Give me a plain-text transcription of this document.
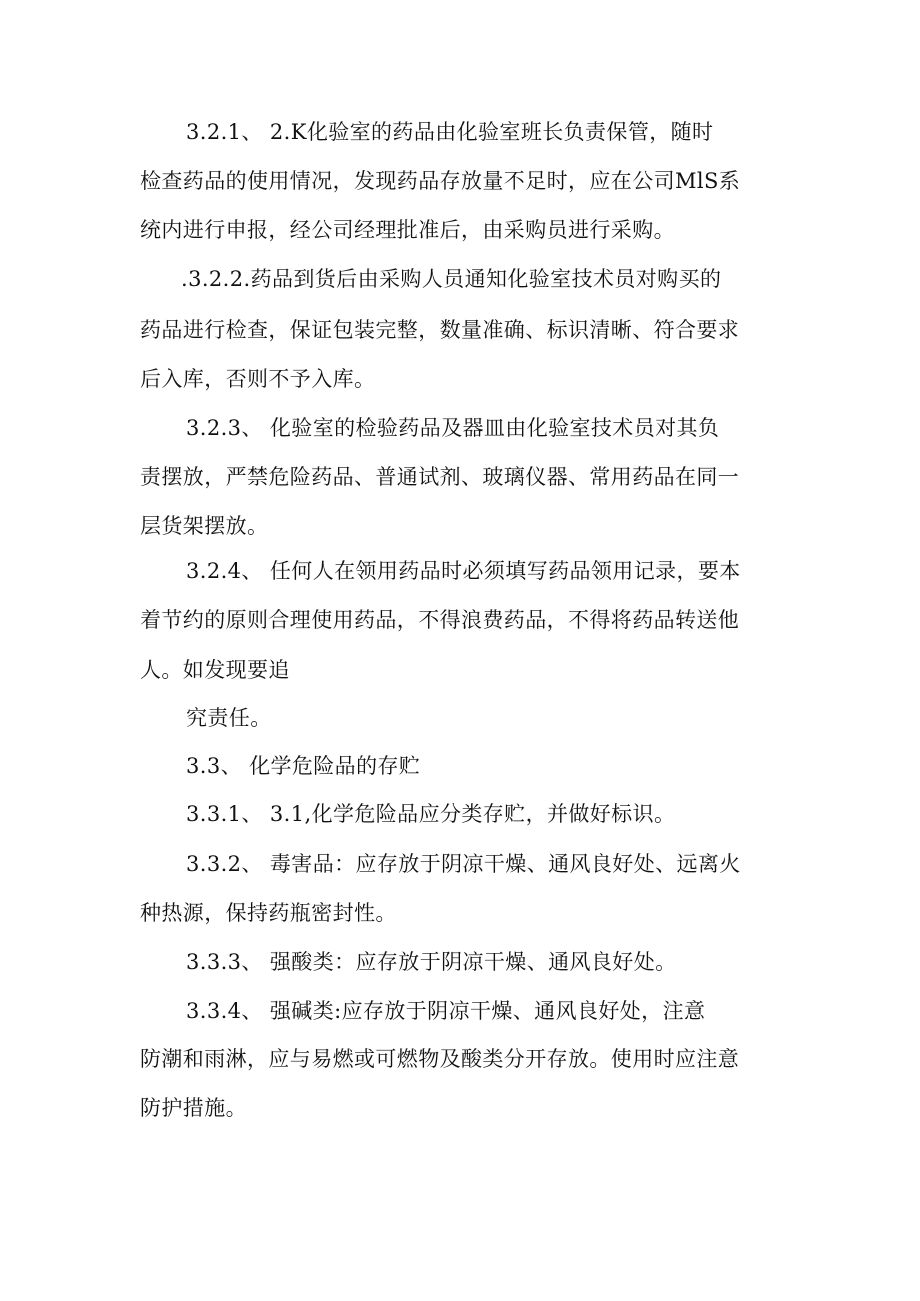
3.2.1、 2.K化验室的药品由化验室班长负责保管，随时
检查药品的使用情况，发现药品存放量不足时，应在公司MlS系
统内进行申报，经公司经理批准后，由采购员进行采购。
.3.2.2.药品到货后由采购人员通知化验室技术员对购买的
药品进行检查，保证包装完整，数量准确、标识清晰、符合要求
后入库，否则不予入库。
3.2.3、 化验室的检验药品及器皿由化验室技术员对其负
责摆放，严禁危险药品、普通试剂、玻璃仪器、常用药品在同一
层货架摆放。
3.2.4、 任何人在领用药品时必须填写药品领用记录，要本
着节约的原则合理使用药品，不得浪费药品，不得将药品转送他
人。如发现要追
究责任。
3.3、 化学危险品的存贮
3.3.1、 3.1,化学危险品应分类存贮，并做好标识。
3.3.2、 毒害品：应存放于阴凉干燥、通风良好处、远离火
种热源，保持药瓶密封性。
3.3.3、 强酸类：应存放于阴凉干燥、通风良好处。
3.3.4、 强碱类:应存放于阴凉干燥、通风良好处，注意
防潮和雨淋，应与易燃或可燃物及酸类分开存放。使用时应注意
防护措施。
